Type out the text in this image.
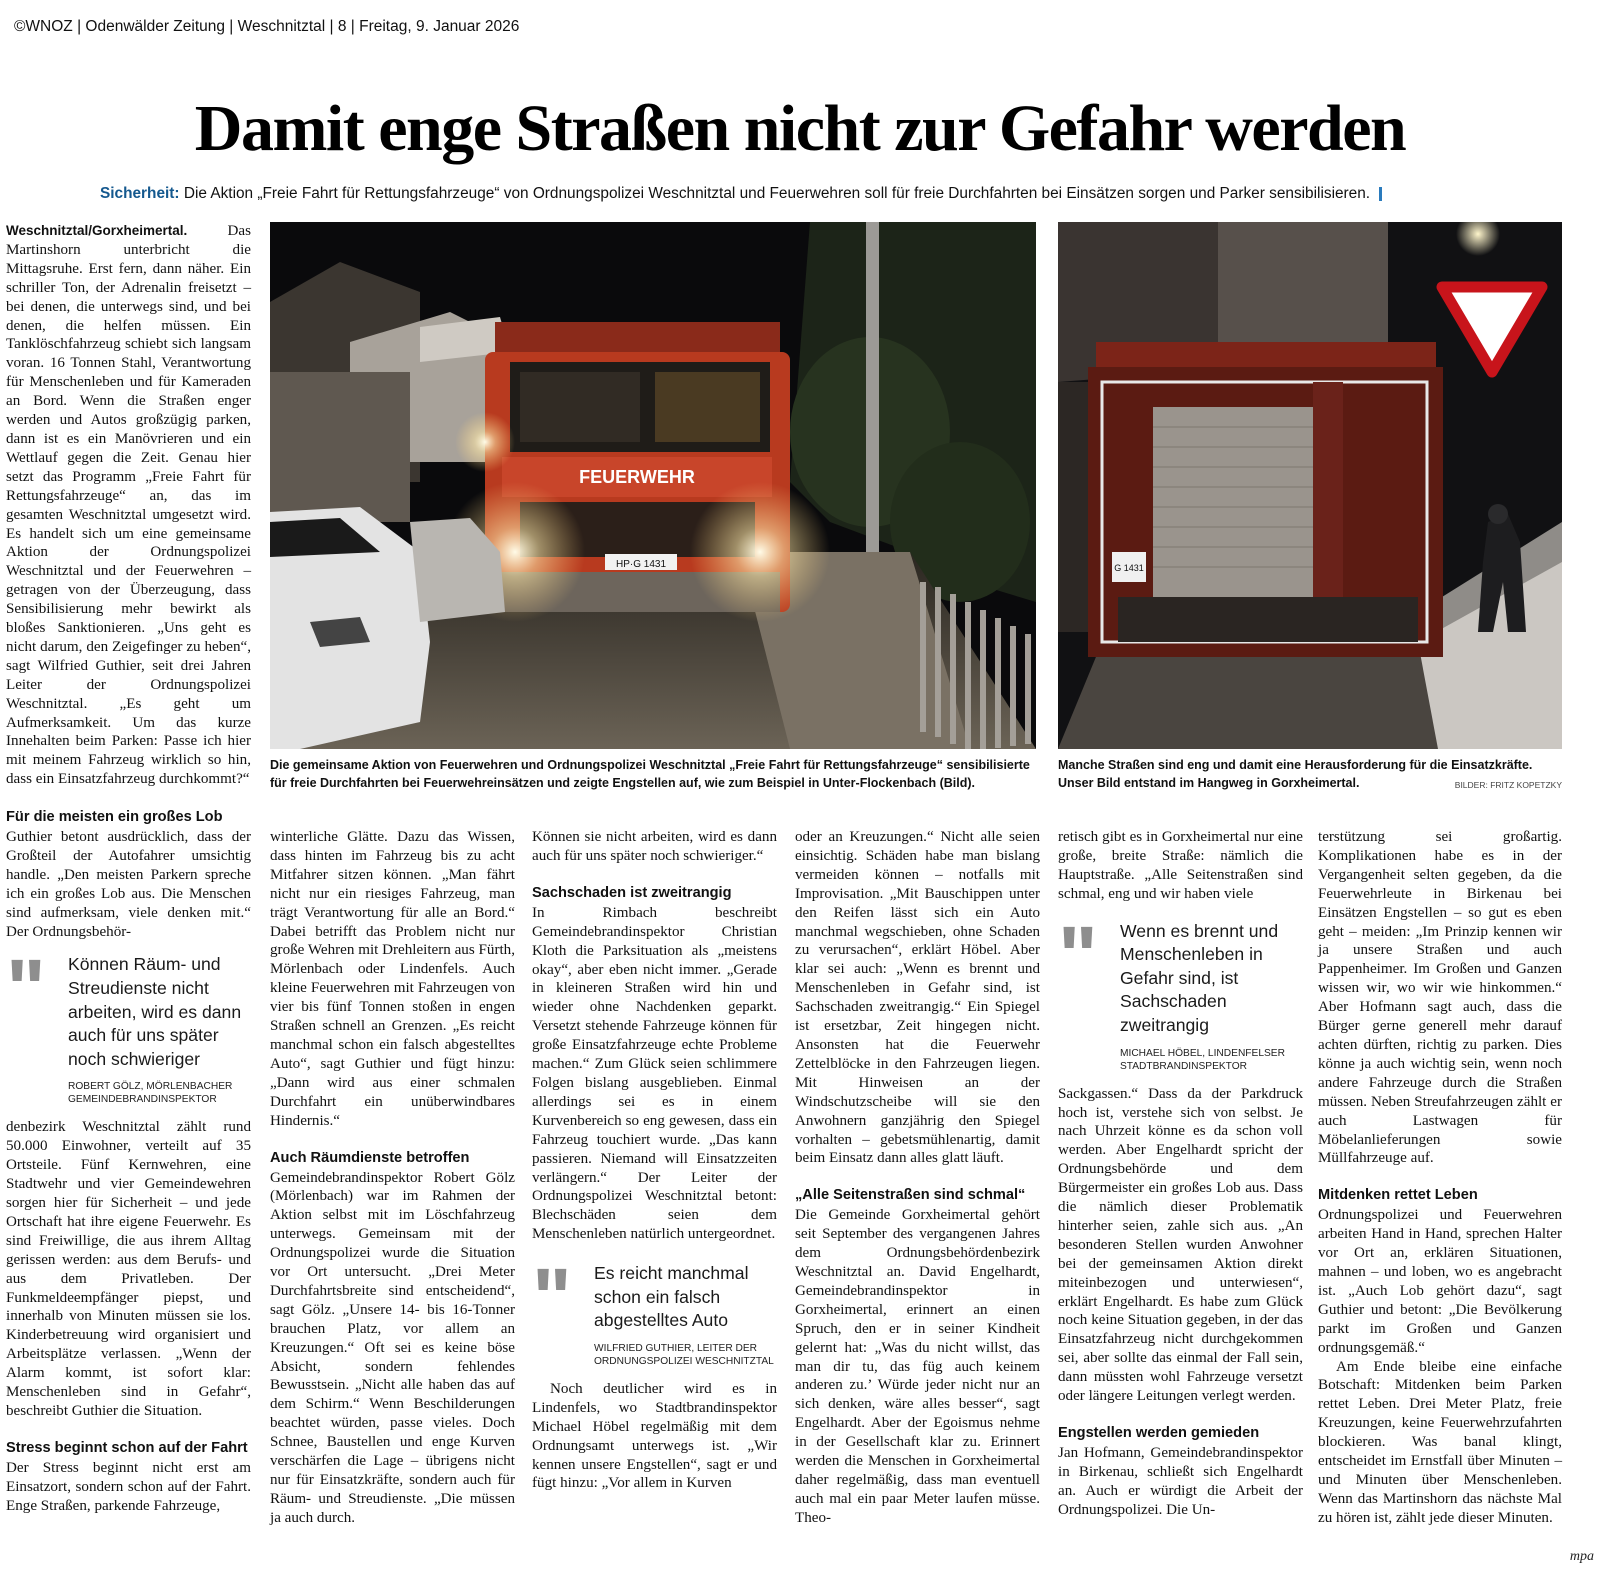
©WNOZ | Odenwälder Zeitung | Weschnitztal | 8 | Freitag, 9. Januar 2026
Damit enge Straßen nicht zur Gefahr werden
Sicherheit: Die Aktion „Freie Fahrt für Rettungsfahrzeuge“ von Ordnungspolizei Weschnitztal und Feuerwehren soll für freie Durchfahrten bei Einsätzen sorgen und Parker sensibilisieren.

Weschnitztal/Gorxheimertal. Das Martinshorn unterbricht die Mittagsruhe. Erst fern, dann näher. Ein schriller Ton, der Adrenalin freisetzt – bei denen, die unterwegs sind, und bei denen, die helfen müssen. Ein Tanklöschfahrzeug schiebt sich langsam voran. 16 Tonnen Stahl, Verantwortung für Menschenleben und für Kameraden an Bord. Wenn die Straßen enger werden und Autos großzügig parken, dann ist es ein Manövrieren und ein Wettlauf gegen die Zeit. Genau hier setzt das Programm „Freie Fahrt für Rettungsfahrzeuge“ an, das im gesamten Weschnitztal umgesetzt wird. Es handelt sich um eine gemeinsame Aktion der Ordnungspolizei Weschnitztal und der Feuerwehren – getragen von der Überzeugung, dass Sensibilisierung mehr bewirkt als bloßes Sanktionieren. „Uns geht es nicht darum, den Zeigefinger zu heben“, sagt Wilfried Guthier, seit drei Jahren Leiter der Ordnungspolizei Weschnitztal. „Es geht um Aufmerksamkeit. Um das kurze Innehalten beim Parken: Passe ich hier mit meinem Fahrzeug wirklich so hin, dass ein Einsatzfahrzeug durchkommt?“

FEUERWEHR
HP·G 1431
Die gemeinsame Aktion von Feuerwehren und Ordnungspolizei Weschnitztal „Freie Fahrt für Rettungsfahrzeuge“ sensibilisierte für freie Durchfahrten bei Feuerwehreinsätzen und zeigte Engstellen auf, wie zum Beispiel in Unter-Flockenbach (Bild).
G 1431
Manche Straßen sind eng und damit eine Herausforderung für die Einsatzkräfte. Unser Bild entstand im Hangweg in Gorxheimertal.	BILDER: FRITZ KOPETZKY
Für die meisten ein großes Lob

Guthier betont ausdrücklich, dass der Großteil der Autofahrer umsichtig handle. „Den meisten Parkern spreche ich ein großes Lob aus. Die Menschen sind aufmerksam, viele denken mit.“ Der Ordnungsbehör-

" Können Räum- und Streudienste nicht arbeiten, wird es dann auch für uns später noch schwieriger
ROBERT GÖLZ, MÖRLENBACHER GEMEINDEBRANDINSPEKTOR

denbezirk Weschnitztal zählt rund 50.000 Einwohner, verteilt auf 35 Ortsteile. Fünf Kernwehren, eine Stadtwehr und vier Gemeindewehren sorgen hier für Sicherheit – und jede Ortschaft hat ihre eigene Feuerwehr. Es sind Freiwillige, die aus ihrem Alltag gerissen werden: aus dem Berufs- und aus dem Privatleben. Der Funkmeldeempfänger piepst, und innerhalb von Minuten müssen sie los. Kinderbetreuung wird organisiert und Arbeitsplätze verlassen. „Wenn der Alarm kommt, ist sofort klar: Menschenleben sind in Gefahr“, beschreibt Guthier die Situation.

Stress beginnt schon auf der Fahrt

Der Stress beginnt nicht erst am Einsatzort, sondern schon auf der Fahrt. Enge Straßen, parkende Fahrzeuge,

winterliche Glätte. Dazu das Wissen, dass hinten im Fahrzeug bis zu acht Mitfahrer sitzen können. „Man fährt nicht nur ein riesiges Fahrzeug, man trägt Verantwortung für alle an Bord.“ Dabei betrifft das Problem nicht nur große Wehren mit Drehleitern aus Fürth, Mörlenbach oder Lindenfels. Auch kleine Feuerwehren mit Fahrzeugen von vier bis fünf Tonnen stoßen in engen Straßen schnell an Grenzen. „Es reicht manchmal schon ein falsch abgestelltes Auto“, sagt Guthier und fügt hinzu: „Dann wird aus einer schmalen Durchfahrt ein unüberwindbares Hindernis.“

Auch Räumdienste betroffen

Gemeindebrandinspektor Robert Gölz (Mörlenbach) war im Rahmen der Aktion selbst mit im Löschfahrzeug unterwegs. Gemeinsam mit der Ordnungspolizei wurde die Situation vor Ort untersucht. „Drei Meter Durchfahrtsbreite sind entscheidend“, sagt Gölz. „Unsere 14- bis 16-Tonner brauchen Platz, vor allem an Kreuzungen.“ Oft sei es keine böse Absicht, sondern fehlendes Bewusstsein. „Nicht alle haben das auf dem Schirm.“ Wenn Beschilderungen beachtet würden, passe vieles. Doch Schnee, Baustellen und enge Kurven verschärfen die Lage – übrigens nicht nur für Einsatzkräfte, sondern auch für Räum- und Streudienste. „Die müssen ja auch durch.

Können sie nicht arbeiten, wird es dann auch für uns später noch schwieriger.“

Sachschaden ist zweitrangig

In Rimbach beschreibt Gemeindebrandinspektor Christian Kloth die Parksituation als „meistens okay“, aber eben nicht immer. „Gerade in kleineren Straßen wird hin und wieder ohne Nachdenken geparkt. Versetzt stehende Fahrzeuge können für große Einsatzfahrzeuge echte Probleme machen.“ Zum Glück seien schlimmere Folgen bislang ausgeblieben. Einmal allerdings sei es in einem Kurvenbereich so eng gewesen, dass ein Fahrzeug touchiert wurde. „Das kann passieren. Niemand will Einsatzzeiten verlängern.“ Der Leiter der Ordnungspolizei Weschnitztal betont: Blechschäden seien dem Menschenleben natürlich untergeordnet.

" Es reicht manchmal schon ein falsch abgestelltes Auto
WILFRIED GUTHIER, LEITER DER ORDNUNGSPOLIZEI WESCHNITZTAL

Noch deutlicher wird es in Lindenfels, wo Stadtbrandinspektor Michael Höbel regelmäßig mit dem Ordnungsamt unterwegs ist. „Wir kennen unsere Engstellen“, sagt er und fügt hinzu: „Vor allem in Kurven

oder an Kreuzungen.“ Nicht alle seien einsichtig. Schäden habe man bislang vermeiden können – notfalls mit Improvisation. „Mit Bauschippen unter den Reifen lässt sich ein Auto manchmal wegschieben, ohne Schaden zu verursachen“, erklärt Höbel. Aber klar sei auch: „Wenn es brennt und Menschenleben in Gefahr sind, ist Sachschaden zweitrangig.“ Ein Spiegel ist ersetzbar, Zeit hingegen nicht. Ansonsten hat die Feuerwehr Zettelblöcke in den Fahrzeugen liegen. Mit Hinweisen an der Windschutzscheibe will sie den Anwohnern ganzjährig den Spiegel vorhalten – gebetsmühlenartig, damit beim Einsatz dann alles glatt läuft.

„Alle Seitenstraßen sind schmal“

Die Gemeinde Gorxheimertal gehört seit September des vergangenen Jahres dem Ordnungsbehördenbezirk Weschnitztal an. David Engelhardt, Gemeindebrandinspektor in Gorxheimertal, erinnert an einen Spruch, den er in seiner Kindheit gelernt hat: „Was du nicht willst, das man dir tu, das füg auch keinem anderen zu.’ Würde jeder nicht nur an sich denken, wäre alles besser“, sagt Engelhardt. Aber der Egoismus nehme in der Gesellschaft klar zu. Erinnert werden die Menschen in Gorxheimertal daher regelmäßig, dass man eventuell auch mal ein paar Meter laufen müsse. Theo-

retisch gibt es in Gorxheimertal nur eine große, breite Straße: nämlich die Hauptstraße. „Alle Seitenstraßen sind schmal, eng und wir haben viele

" Wenn es brennt und Menschenleben in Gefahr sind, ist Sachschaden zweitrangig
MICHAEL HÖBEL, LINDENFELSER STADTBRANDINSPEKTOR

Sackgassen.“ Dass da der Parkdruck hoch ist, verstehe sich von selbst. Je nach Uhrzeit könne es da schon voll werden. Aber Engelhardt spricht der Ordnungsbehörde und dem Bürgermeister ein großes Lob aus. Dass die nämlich dieser Problematik hinterher seien, zahle sich aus. „An besonderen Stellen wurden Anwohner bei der gemeinsamen Aktion direkt miteinbezogen und unterwiesen“, erklärt Engelhardt. Es habe zum Glück noch keine Situation gegeben, in der das Einsatzfahrzeug nicht durchgekommen sei, aber sollte das einmal der Fall sein, dann müssten wohl Fahrzeuge versetzt oder längere Leitungen verlegt werden.

Engstellen werden gemieden

Jan Hofmann, Gemeindebrandinspektor in Birkenau, schließt sich Engelhardt an. Auch er würdigt die Arbeit der Ordnungspolizei. Die Un-

terstützung sei großartig. Komplikationen habe es in der Vergangenheit selten gegeben, da die Feuerwehrleute in Birkenau bei Einsätzen Engstellen – so gut es eben geht – meiden: „Im Prinzip kennen wir ja unsere Straßen und auch Pappenheimer. Im Großen und Ganzen wissen wir, wo wir wie hinkommen.“ Aber Hofmann sagt auch, dass die Bürger gerne generell mehr darauf achten dürften, richtig zu parken. Dies könne ja auch wichtig sein, wenn noch andere Fahrzeuge durch die Straßen müssen. Neben Streufahrzeugen zählt er auch Lastwagen für Möbelanlieferungen sowie Müllfahrzeuge auf.

Mitdenken rettet Leben

Ordnungspolizei und Feuerwehren arbeiten Hand in Hand, sprechen Halter vor Ort an, erklären Situationen, mahnen – und loben, wo es angebracht ist. „Auch Lob gehört dazu“, sagt Guthier und betont: „Die Bevölkerung parkt im Großen und Ganzen ordnungsgemäß.“

Am Ende bleibe eine einfache Botschaft: Mitdenken beim Parken rettet Leben. Drei Meter Platz, freie Kreuzungen, keine Feuerwehrzufahrten blockieren. Was banal klingt, entscheidet im Ernstfall über Minuten – und Minuten über Menschenleben. Wenn das Martinshorn das nächste Mal zu hören ist, zählt jede dieser Minuten.

mpa
